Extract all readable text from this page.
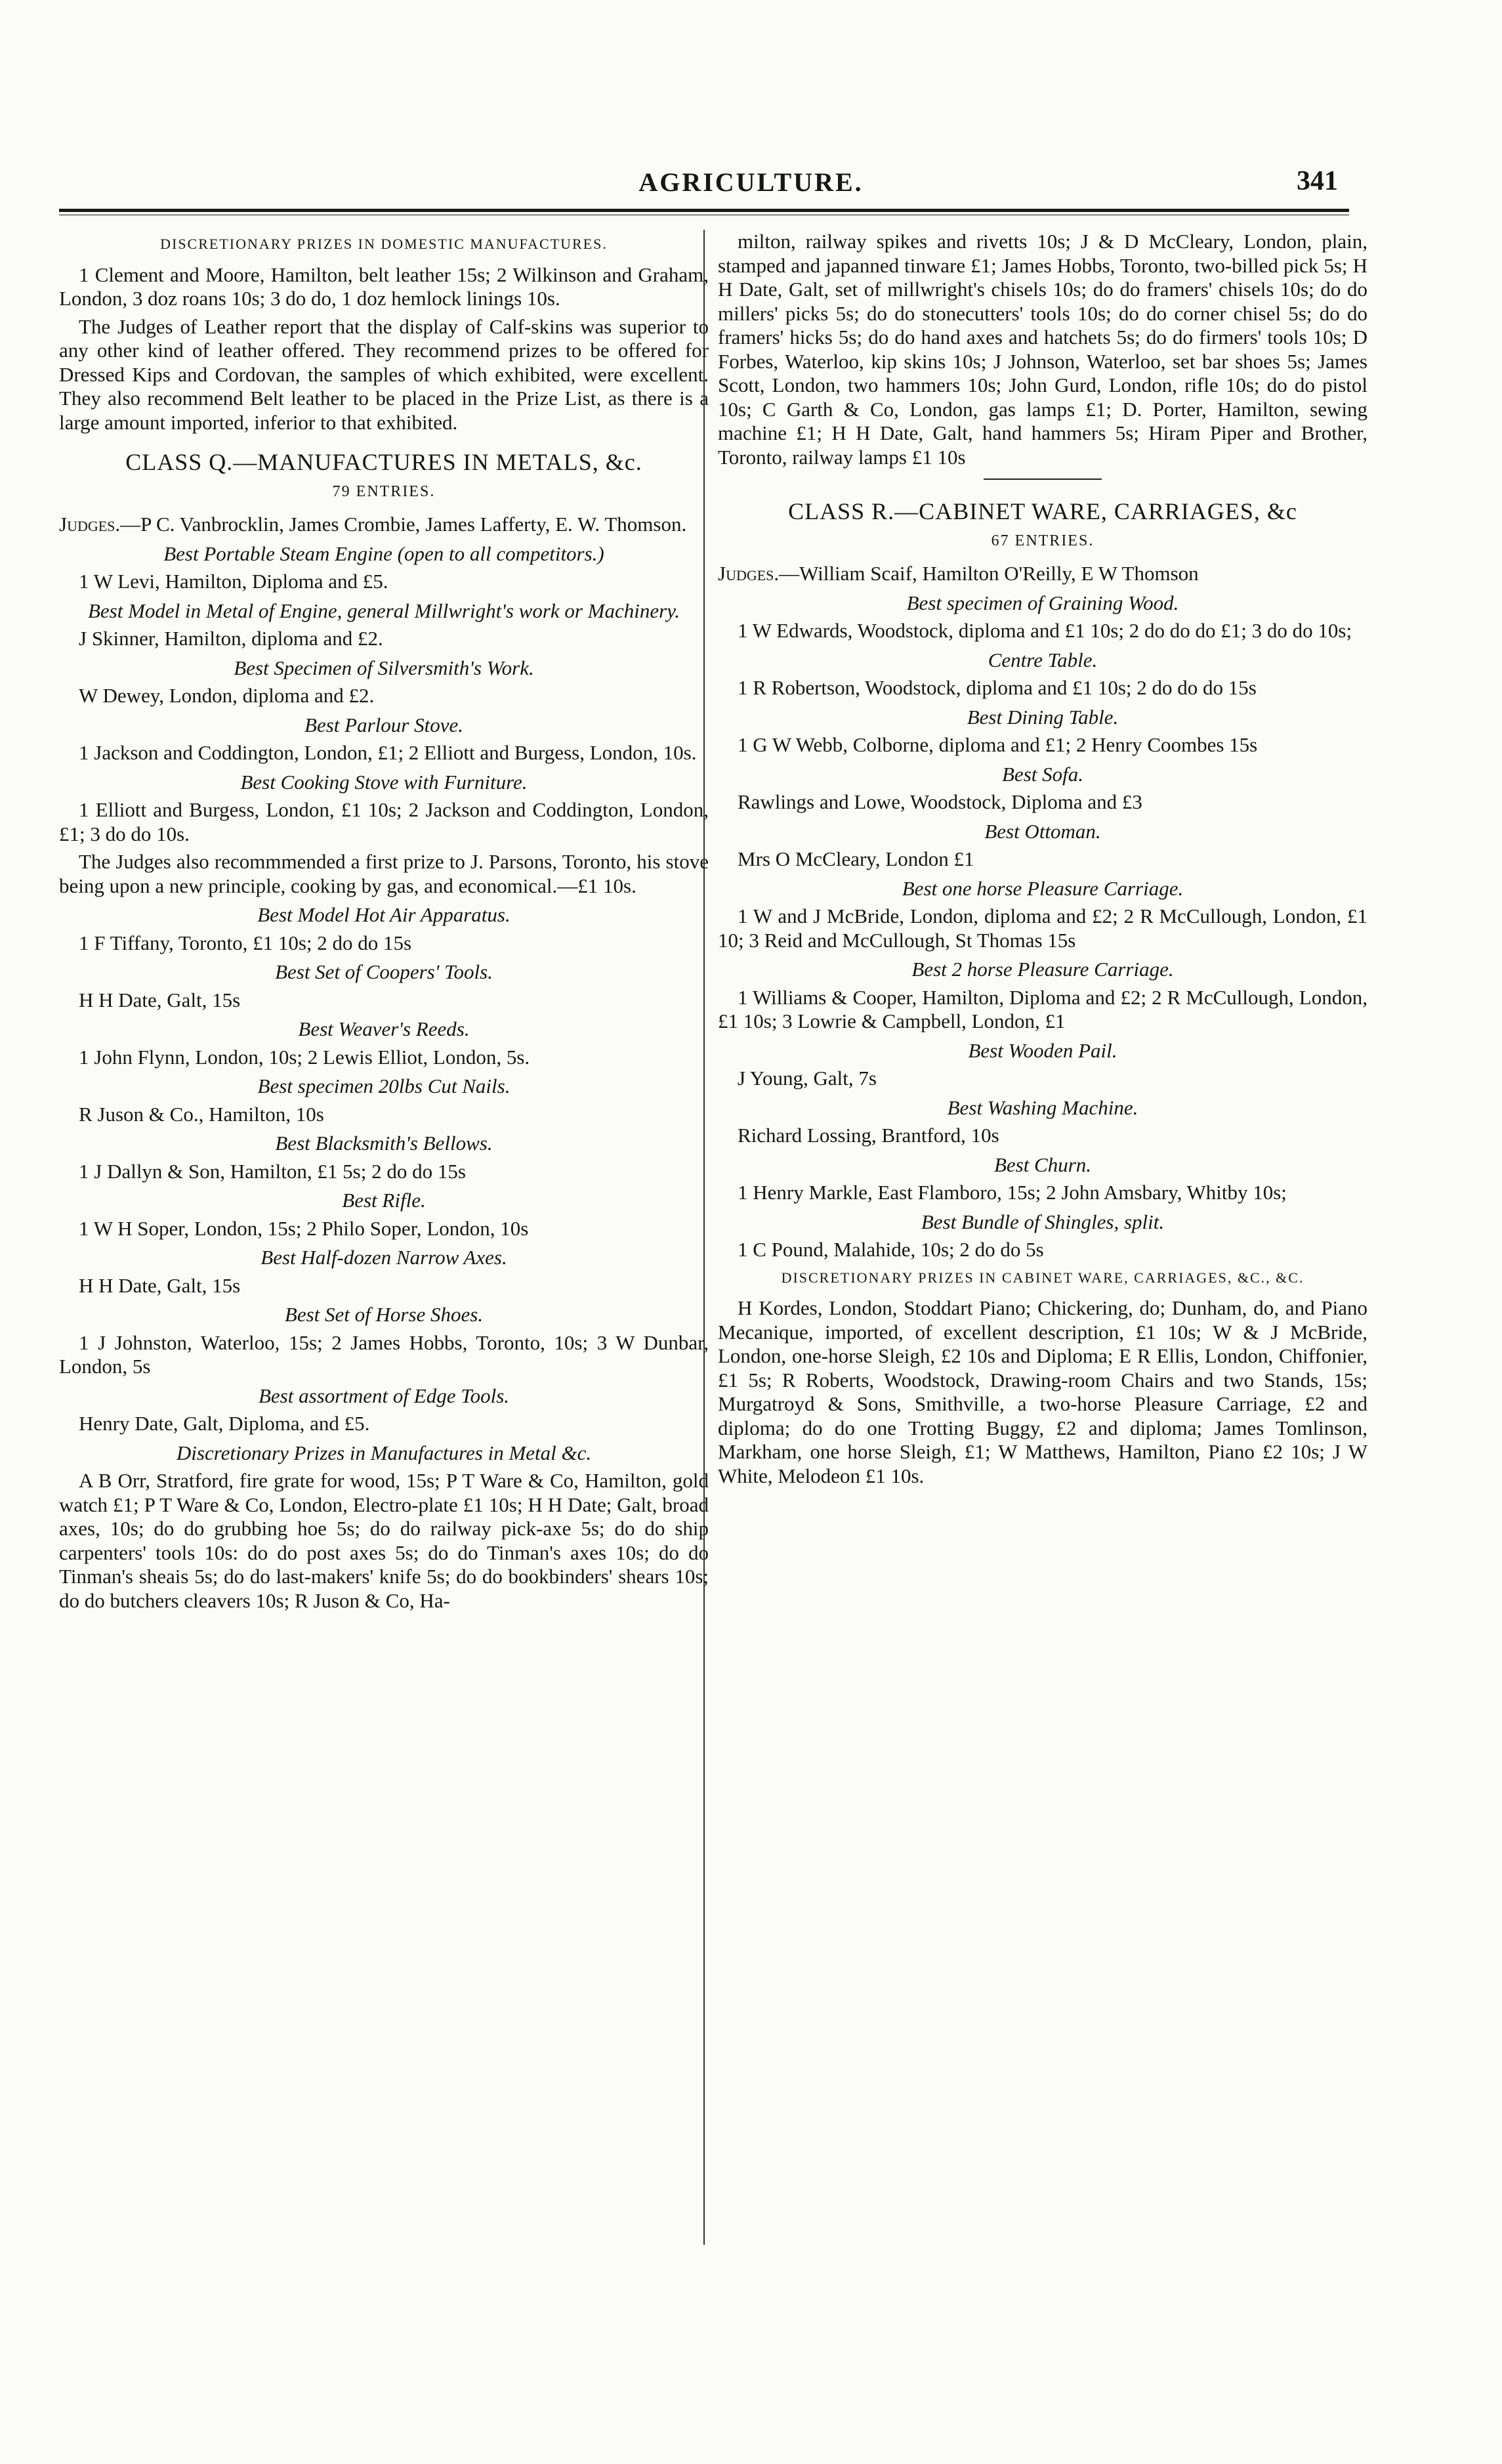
AGRICULTURE.	341
DISCRETIONARY PRIZES IN DOMESTIC MANUFACTURES.

1 Clement and Moore, Hamilton, belt leather 15s; 2 Wilkinson and Graham, London, 3 doz roans 10s; 3 do do, 1 doz hemlock linings 10s.

The Judges of Leather report that the display of Calf-skins was superior to any other kind of leather offered. They recommend prizes to be offered for Dressed Kips and Cordovan, the samples of which exhibited, were excellent. They also recommend Belt leather to be placed in the Prize List, as there is a large amount imported, inferior to that exhibited.

CLASS Q.—MANUFACTURES IN METALS, &c.
79 ENTRIES.

Judges.—P C. Vanbrocklin, James Crombie, James Lafferty, E. W. Thomson.

Best Portable Steam Engine (open to all competitors.)

1 W Levi, Hamilton, Diploma and £5.

Best Model in Metal of Engine, general Millwright's work or Machinery.

J Skinner, Hamilton, diploma and £2.

Best Specimen of Silversmith's Work.

W Dewey, London, diploma and £2.

Best Parlour Stove.

1 Jackson and Coddington, London, £1; 2 Elliott and Burgess, London, 10s.

Best Cooking Stove with Furniture.

1 Elliott and Burgess, London, £1 10s; 2 Jackson and Coddington, London, £1; 3 do do 10s.

The Judges also recommmended a first prize to J. Parsons, Toronto, his stove being upon a new principle, cooking by gas, and economical.—£1 10s.

Best Model Hot Air Apparatus.

1 F Tiffany, Toronto, £1 10s; 2 do do 15s

Best Set of Coopers' Tools.

H H Date, Galt, 15s

Best Weaver's Reeds.

1 John Flynn, London, 10s; 2 Lewis Elliot, London, 5s.

Best specimen 20lbs Cut Nails.

R Juson & Co., Hamilton, 10s

Best Blacksmith's Bellows.

1 J Dallyn & Son, Hamilton, £1 5s; 2 do do 15s

Best Rifle.

1 W H Soper, London, 15s; 2 Philo Soper, London, 10s

Best Half-dozen Narrow Axes.

H H Date, Galt, 15s

Best Set of Horse Shoes.

1 J Johnston, Waterloo, 15s; 2 James Hobbs, Toronto, 10s; 3 W Dunbar, London, 5s

Best assortment of Edge Tools.

Henry Date, Galt, Diploma, and £5.

Discretionary Prizes in Manufactures in Metal &c.

A B Orr, Stratford, fire grate for wood, 15s; P T Ware & Co, Hamilton, gold watch £1; P T Ware & Co, London, Electro-plate £1 10s; H H Date; Galt, broad axes, 10s; do do grubbing hoe 5s; do do railway pick-axe 5s; do do ship carpenters' tools 10s: do do post axes 5s; do do Tinman's axes 10s; do do Tinman's sheais 5s; do do last-makers' knife 5s; do do bookbinders' shears 10s; do do butchers cleavers 10s; R Juson & Co, Ha-

milton, railway spikes and rivetts 10s; J & D McCleary, London, plain, stamped and japanned tinware £1; James Hobbs, Toronto, two-billed pick 5s; H H Date, Galt, set of millwright's chisels 10s; do do framers' chisels 10s; do do millers' picks 5s; do do stonecutters' tools 10s; do do corner chisel 5s; do do framers' hicks 5s; do do hand axes and hatchets 5s; do do firmers' tools 10s; D Forbes, Waterloo, kip skins 10s; J Johnson, Waterloo, set bar shoes 5s; James Scott, London, two hammers 10s; John Gurd, London, rifle 10s; do do pistol 10s; C Garth & Co, London, gas lamps £1; D. Porter, Hamilton, sewing machine £1; H H Date, Galt, hand hammers 5s; Hiram Piper and Brother, Toronto, railway lamps £1 10s

CLASS R.—CABINET WARE, CARRIAGES, &c
67 ENTRIES.

Judges.—William Scaif, Hamilton O'Reilly, E W Thomson

Best specimen of Graining Wood.

1 W Edwards, Woodstock, diploma and £1 10s; 2 do do do £1; 3 do do 10s;

Centre Table.

1 R Robertson, Woodstock, diploma and £1 10s; 2 do do do 15s

Best Dining Table.

1 G W Webb, Colborne, diploma and £1; 2 Henry Coombes 15s

Best Sofa.

Rawlings and Lowe, Woodstock, Diploma and £3

Best Ottoman.

Mrs O McCleary, London £1

Best one horse Pleasure Carriage.

1 W and J McBride, London, diploma and £2; 2 R McCullough, London, £1 10; 3 Reid and McCullough, St Thomas 15s

Best 2 horse Pleasure Carriage.

1 Williams & Cooper, Hamilton, Diploma and £2; 2 R McCullough, London, £1 10s; 3 Lowrie & Campbell, London, £1

Best Wooden Pail.

J Young, Galt, 7s

Best Washing Machine.

Richard Lossing, Brantford, 10s

Best Churn.

1 Henry Markle, East Flamboro, 15s; 2 John Amsbary, Whitby 10s;

Best Bundle of Shingles, split.

1 C Pound, Malahide, 10s; 2 do do 5s

DISCRETIONARY PRIZES IN CABINET WARE, CARRIAGES, &C., &C.

H Kordes, London, Stoddart Piano; Chickering, do; Dunham, do, and Piano Mecanique, imported, of excellent description, £1 10s; W & J McBride, London, one-horse Sleigh, £2 10s and Diploma; E R Ellis, London, Chiffonier, £1 5s; R Roberts, Woodstock, Drawing-room Chairs and two Stands, 15s; Murgatroyd & Sons, Smithville, a two-horse Pleasure Carriage, £2 and diploma; do do one Trotting Buggy, £2 and diploma; James Tomlinson, Markham, one horse Sleigh, £1; W Matthews, Hamilton, Piano £2 10s; J W White, Melodeon £1 10s.
